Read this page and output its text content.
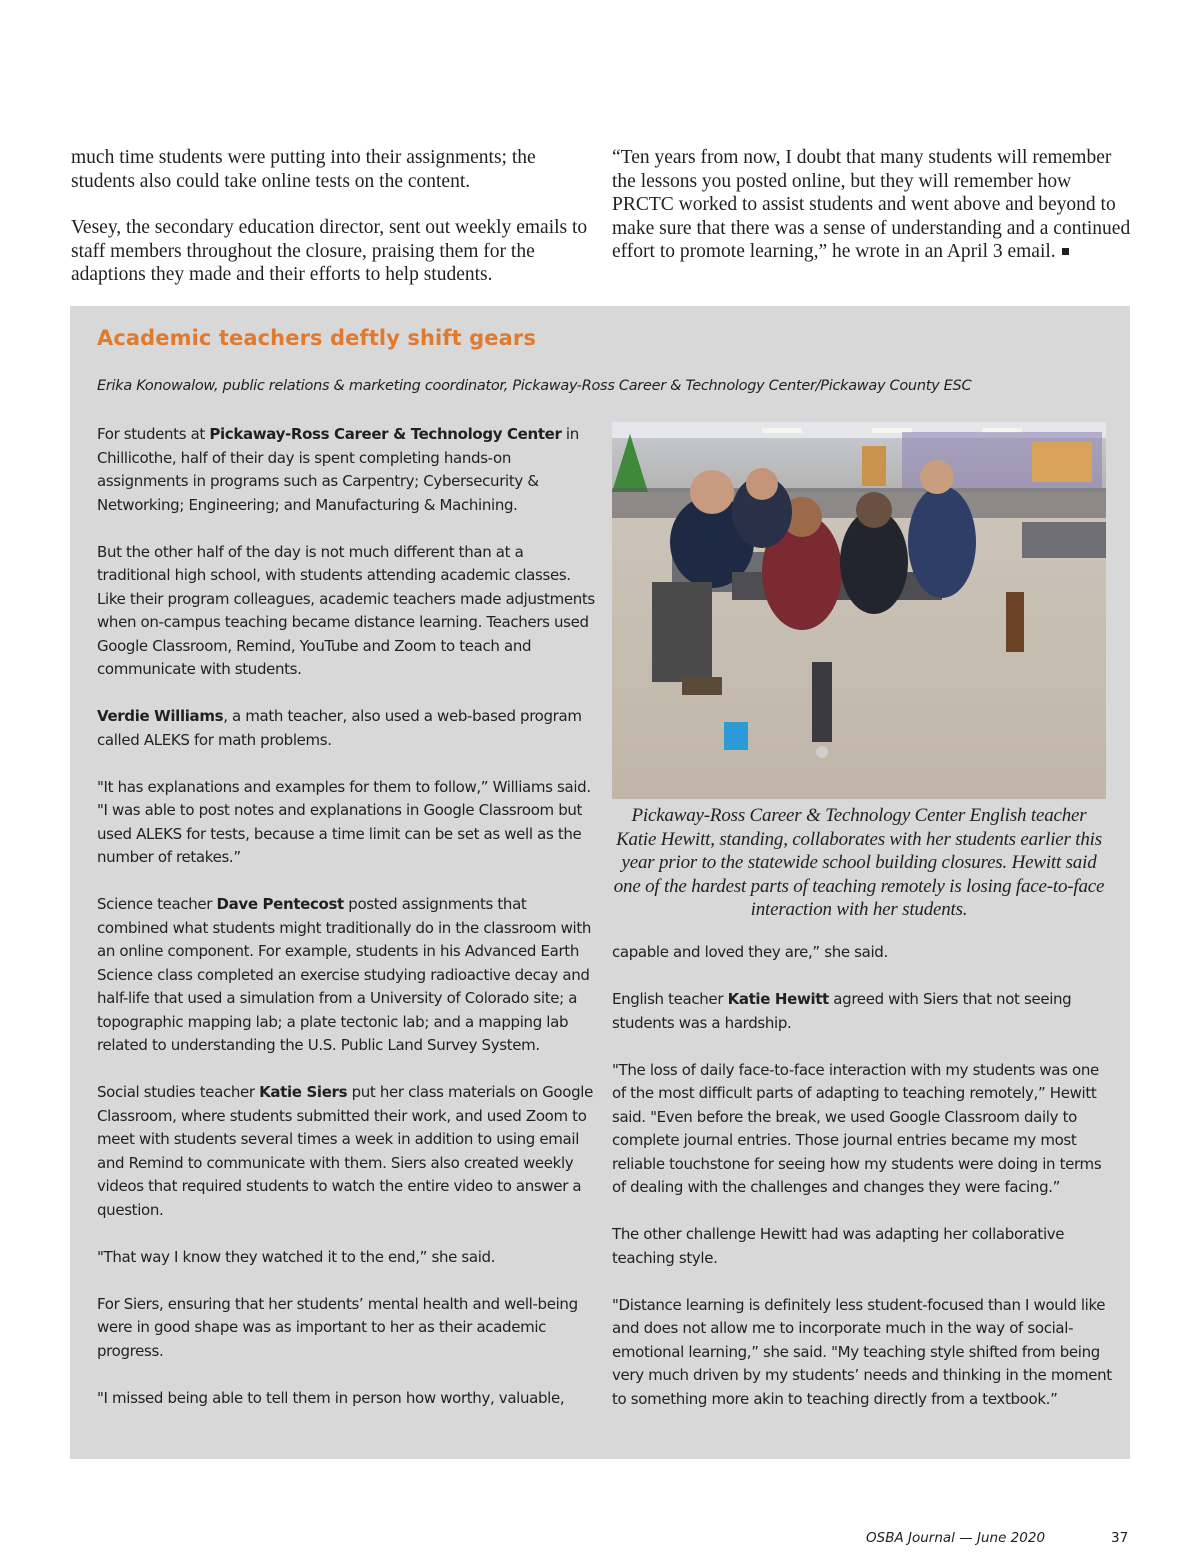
much time students were putting into their assignments; the students also could take online tests on the content.

Vesey, the secondary education director, sent out weekly emails to staff members throughout the closure, praising them for the adaptions they made and their efforts to help students.

“Ten years from now, I doubt that many students will remember the lessons you posted online, but they will remember how PRCTC worked to assist students and went above and beyond to make sure that there was a sense of understanding and a continued effort to promote learning,” he wrote in an April 3 email.

Academic teachers deftly shift gears
Erika Konowalow, public relations & marketing coordinator, Pickaway-Ross Career & Technology Center/Pickaway County ESC

For students at Pickaway-Ross Career & Technology Center in Chillicothe, half of their day is spent completing hands-on assignments in programs such as Carpentry; Cybersecurity & Networking; Engineering; and Manufacturing & Machining.

But the other half of the day is not much different than at a traditional high school, with students attending academic classes. Like their program colleagues, academic teachers made adjustments when on-campus teaching became distance learning. Teachers used Google Classroom, Remind, YouTube and Zoom to teach and communicate with students.

Verdie Williams, a math teacher, also used a web-based program called ALEKS for math problems.

"It has explanations and examples for them to follow,” Williams said. "I was able to post notes and explanations in Google Classroom but used ALEKS for tests, because a time limit can be set as well as the number of retakes.”

Science teacher Dave Pentecost posted assignments that combined what students might traditionally do in the classroom with an online component. For example, students in his Advanced Earth Science class completed an exercise studying radioactive decay and half-life that used a simulation from a University of Colorado site; a topographic mapping lab; a plate tectonic lab; and a mapping lab related to understanding the U.S. Public Land Survey System.

Social studies teacher Katie Siers put her class materials on Google Classroom, where students submitted their work, and used Zoom to meet with students several times a week in addition to using email and Remind to communicate with them. Siers also created weekly videos that required students to watch the entire video to answer a question.

"That way I know they watched it to the end,” she said.

For Siers, ensuring that her students’ mental health and well-being were in good shape was as important to her as their academic progress.

"I missed being able to tell them in person how worthy, valuable,

Pickaway-Ross Career & Technology Center English teacher Katie Hewitt, standing, collaborates with her students earlier this year prior to the statewide school building closures. Hewitt said one of the hardest parts of teaching remotely is losing face-to-face interaction with her students.

capable and loved they are,” she said.

English teacher Katie Hewitt agreed with Siers that not seeing students was a hardship.

"The loss of daily face-to-face interaction with my students was one of the most difficult parts of adapting to teaching remotely,” Hewitt said. "Even before the break, we used Google Classroom daily to complete journal entries. Those journal entries became my most reliable touchstone for seeing how my students were doing in terms of dealing with the challenges and changes they were facing.”

The other challenge Hewitt had was adapting her collaborative teaching style.

"Distance learning is definitely less student-focused than I would like and does not allow me to incorporate much in the way of social-emotional learning,” she said. "My teaching style shifted from being very much driven by my students’ needs and thinking in the moment to something more akin to teaching directly from a textbook.”

OSBA Journal — June 2020	37
